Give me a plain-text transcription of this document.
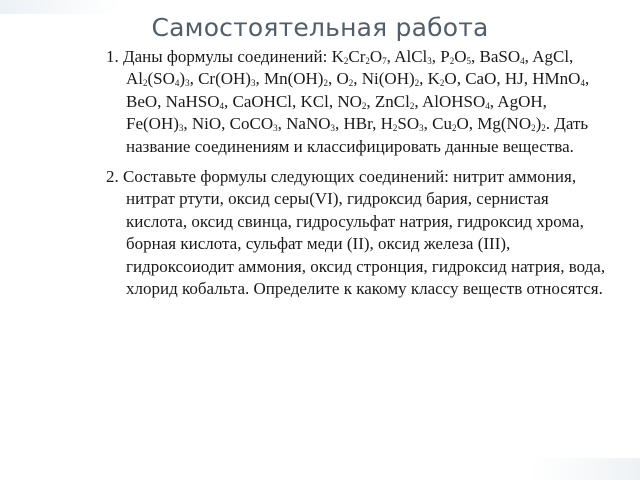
Самостоятельная работа

1. Даны формулы соединений: $K_2Cr_2O_7$, AlCl$_3$, $P_2O_5$, BaSO$_4$, AgCl, $Al_2(SO_4)_3$, $Cr(OH)_3$, $Mn(OH)_2$, $O_2$, $Ni(OH)_2$, $K_2O$, CaO, HJ, HMnO$_4$, BeO, NaHSO$_4$, CaOHCl, KCl, $NO_2$, ZnCl$_2$, AlOHSO$_4$, AgOH, $Fe(OH)_3$, NiO, CoCO$_3$, NaNO$_3$, HBr, $H_2SO_3$, $Cu_2O$, $Mg(NO_2)_2$. Дать название соединениям и классифицировать данные вещества.

2. Составьте формулы следующих соединений: нитрит аммония, нитрат ртути, оксид серы(VI), гидроксид бария, сернистая кислота, оксид свинца, гидросульфат натрия, гидроксид хрома, борная кислота, сульфат меди (II), оксид железа (III), гидроксоиодит аммония, оксид стронция, гидроксид натрия, вода, хлорид кобальта. Определите к какому классу веществ относятся.
